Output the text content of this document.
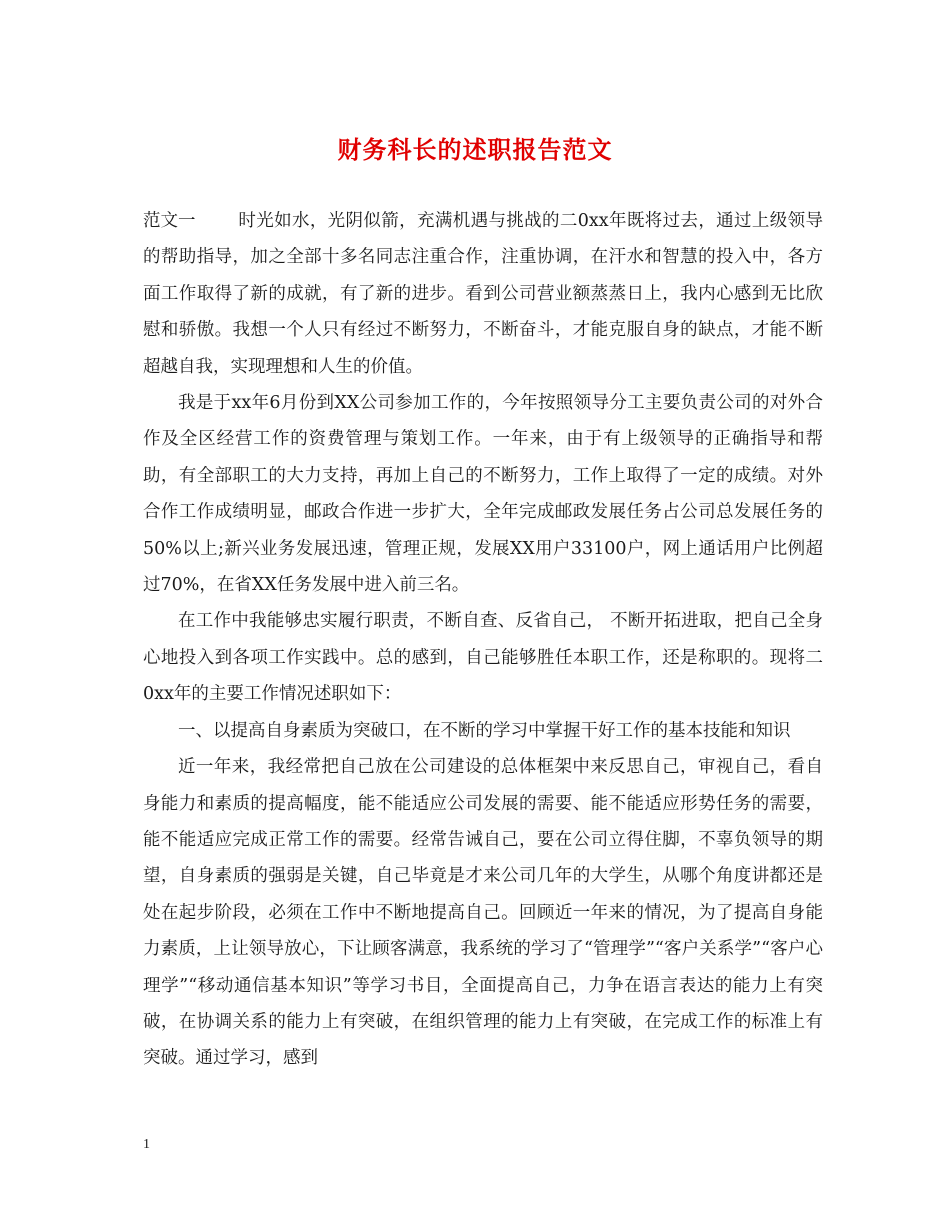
财务科长的述职报告范文

范文一 时光如水，光阴似箭，充满机遇与挑战的二0xx年既将过去，通过上级领导的帮助指导，加之全部十多名同志注重合作，注重协调，在汗水和智慧的投入中，各方面工作取得了新的成就，有了新的进步。看到公司营业额蒸蒸日上，我内心感到无比欣慰和骄傲。我想一个人只有经过不断努力，不断奋斗，才能克服自身的缺点，才能不断超越自我，实现理想和人生的价值。

我是于xx年6月份到XX公司参加工作的，今年按照领导分工主要负责公司的对外合作及全区经营工作的资费管理与策划工作。一年来，由于有上级领导的正确指导和帮助，有全部职工的大力支持，再加上自己的不断努力，工作上取得了一定的成绩。对外合作工作成绩明显，邮政合作进一步扩大，全年完成邮政发展任务占公司总发展任务的50%以上;新兴业务发展迅速，管理正规，发展XX用户33100户，网上通话用户比例超过70%，在省XX任务发展中进入前三名。

在工作中我能够忠实履行职责，不断自查、反省自己， 不断开拓进取，把自己全身心地投入到各项工作实践中。总的感到，自己能够胜任本职工作，还是称职的。现将二0xx年的主要工作情况述职如下：

一、以提高自身素质为突破口，在不断的学习中掌握干好工作的基本技能和知识

近一年来，我经常把自己放在公司建设的总体框架中来反思自己，审视自己，看自身能力和素质的提高幅度，能不能适应公司发展的需要、能不能适应形势任务的需要，能不能适应完成正常工作的需要。经常告诫自己，要在公司立得住脚，不辜负领导的期望，自身素质的强弱是关键，自己毕竟是才来公司几年的大学生，从哪个角度讲都还是处在起步阶段，必须在工作中不断地提高自己。回顾近一年来的情况，为了提高自身能力素质，上让领导放心，下让顾客满意，我系统的学习了“管理学”“客户关系学”“客户心理学”“移动通信基本知识”等学习书目，全面提高自己，力争在语言表达的能力上有突破，在协调关系的能力上有突破，在组织管理的能力上有突破，在完成工作的标准上有突破。通过学习，感到

1
